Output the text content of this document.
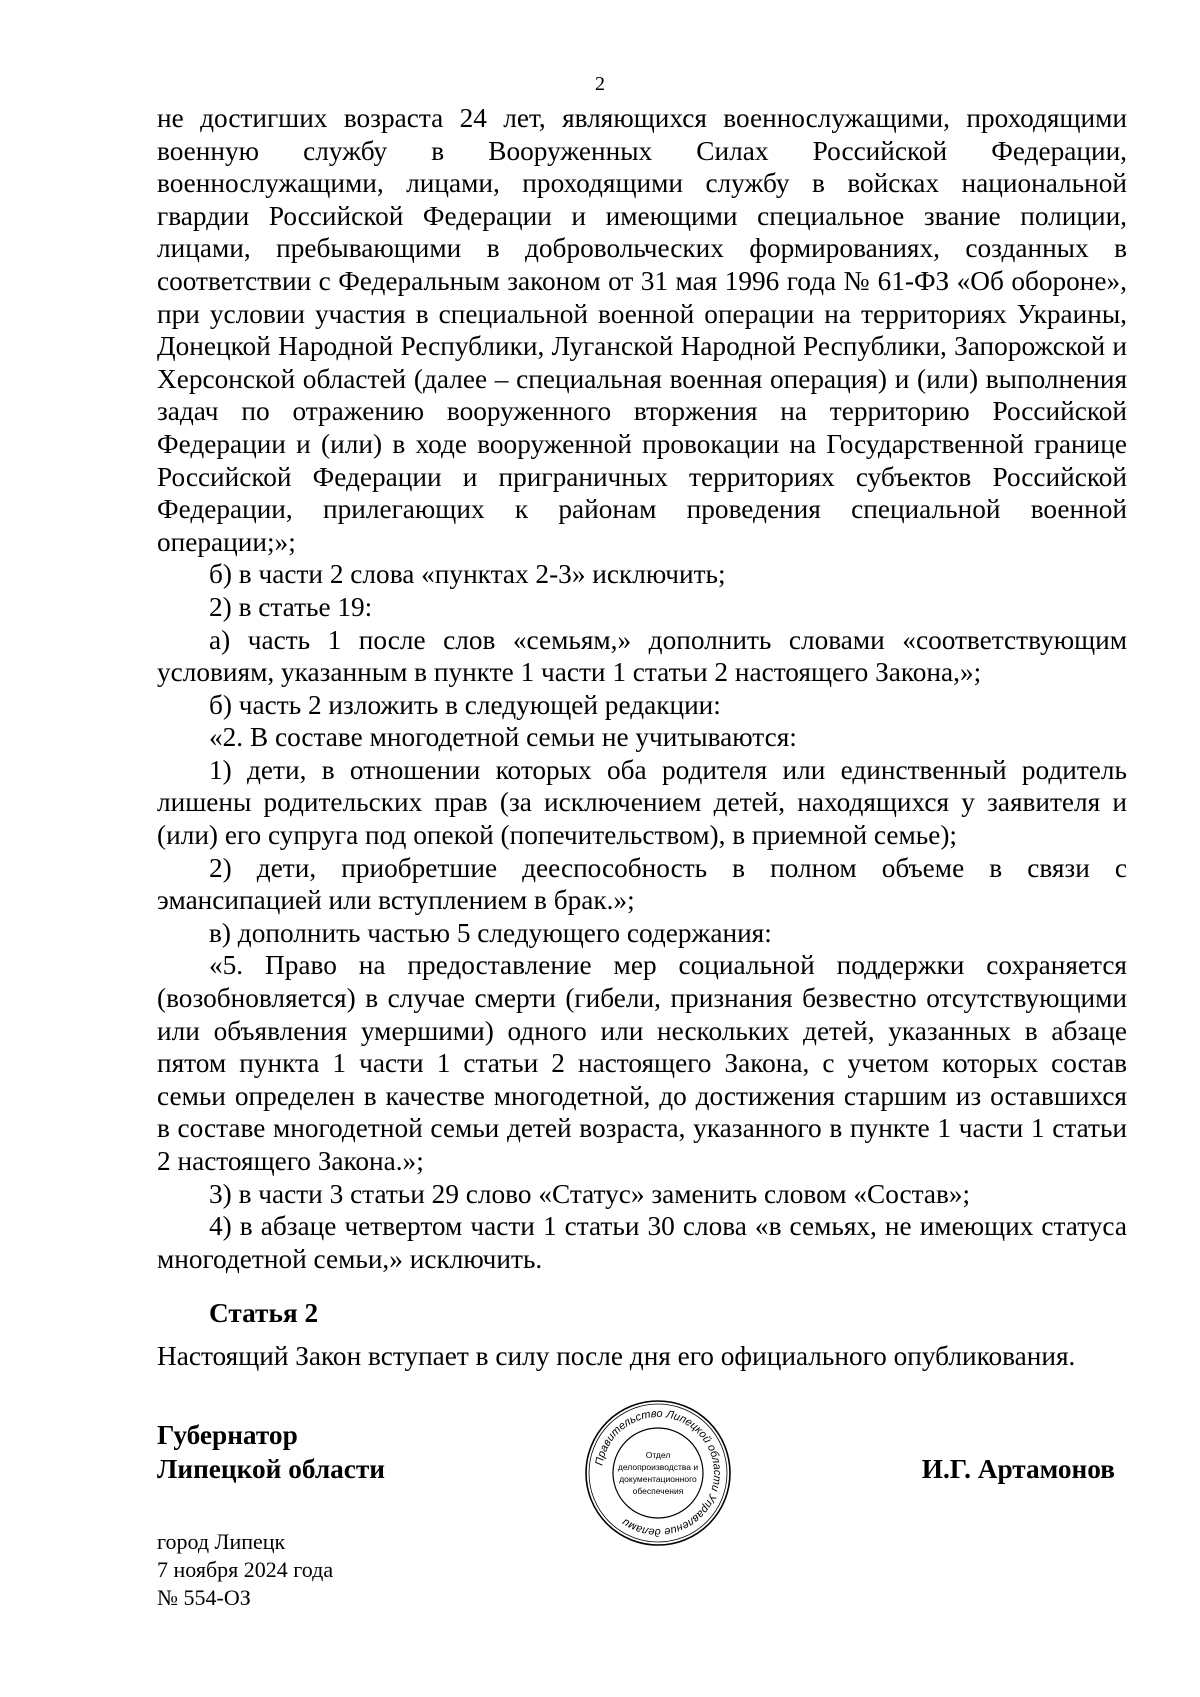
2

не достигших возраста 24 лет, являющихся военнослужащими, проходящими военную службу в Вооруженных Силах Российской Федерации, военнослужащими, лицами, проходящими службу в войсках национальной гвардии Российской Федерации и имеющими специальное звание полиции, лицами, пребывающими в добровольческих формированиях, созданных в соответствии с Федеральным законом от 31 мая 1996 года № 61-ФЗ «Об обороне», при условии участия в специальной военной операции на территориях Украины, Донецкой Народной Республики, Луганской Народной Республики, Запорожской и Херсонской областей (далее – специальная военная операция) и (или) выполнения задач по отражению вооруженного вторжения на территорию Российской Федерации и (или) в ходе вооруженной провокации на Государственной границе Российской Федерации и приграничных территориях субъектов Российской Федерации, прилегающих к районам проведения специальной военной операции;»;

б) в части 2 слова «пунктах 2-3» исключить;

2) в статье 19:

а) часть 1 после слов «семьям,» дополнить словами «соответствующим условиям, указанным в пункте 1 части 1 статьи 2 настоящего Закона,»;

б) часть 2 изложить в следующей редакции:

«2. В составе многодетной семьи не учитываются:

1) дети, в отношении которых оба родителя или единственный родитель лишены родительских прав (за исключением детей, находящихся у заявителя и (или) его супруга под опекой (попечительством), в приемной семье);

2) дети, приобретшие дееспособность в полном объеме в связи с эмансипацией или вступлением в брак.»;

в) дополнить частью 5 следующего содержания:

«5. Право на предоставление мер социальной поддержки сохраняется (возобновляется) в случае смерти (гибели, признания безвестно отсутствующими или объявления умершими) одного или нескольких детей, указанных в абзаце пятом пункта 1 части 1 статьи 2 настоящего Закона, с учетом которых состав семьи определен в качестве многодетной, до достижения старшим из оставшихся в составе многодетной семьи детей возраста, указанного в пункте 1 части 1 статьи 2 настоящего Закона.»;

3) в части 3 статьи 29 слово «Статус» заменить словом «Состав»;

4) в абзаце четвертом части 1 статьи 30 слова «в семьях, не имеющих статуса многодетной семьи,» исключить.

Статья 2
Настоящий Закон вступает в силу после дня его официального опубликования.
Губернатор
Липецкой области	И.Г. Артамонов
Правительство Липецкой области Управление делами
Отдел
делопроизводства и
документационного
обеспечения
город Липецк
7 ноября 2024 года
№ 554-ОЗ
